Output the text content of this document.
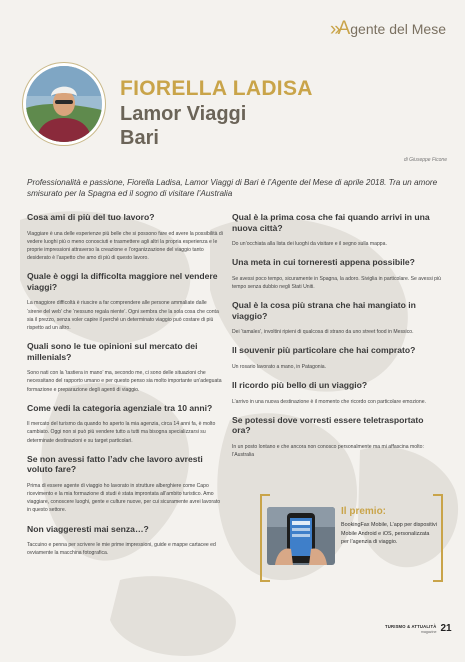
» Agente del Mese
FIORELLA LADISA
Lamor Viaggi
Bari
di Giuseppe Ficone
Professionalità e passione, Fiorella Ladisa, Lamor Viaggi di Bari è l’Agente del Mese di aprile 2018. Tra un amore smisurato per la Spagna ed il sogno di visitare l’Australia

Cosa ami di più del tuo lavoro?

Viaggiare è una delle esperienze più belle che si possono fare ed avere la possibilità di vedere luoghi più o meno conosciuti e trasmettere agli altri la propria esperienza e le proprie impressioni attraverso la creazione e l’organizzazione del viaggio tanto desiderato è l’aspetto che amo di più di questo lavoro.

Quale è oggi la difficolta maggiore nel vendere viaggi?

La maggiore difficoltà è riuscire a far comprendere alle persone ammaliate dalle ‘sirene del web’ che ‘nessuno regala niente’. Ogni sembra che la sola cosa che conta sia il prezzo, senza voler capire il perché un determinato viaggio può costare di più rispetto ad un altro.

Quali sono le tue opinioni sul mercato dei millenials?

Sono nati con la ‘tastiera in mano’ ma, secondo me, ci sono delle situazioni che necessitano del rapporto umano e per questo penso sia molto importante un’adeguata formazione e preparazione degli agenti di viaggio.

Come vedi la categoria agenziale tra 10 anni?

Il mercato del turismo da quando ho aperto la mia agenzia, circa 14 anni fa, è molto cambiato. Oggi non si può più vendere tutto a tutti ma bisogna specializzarsi su determinate destinazioni e su target particolari.

Se non avessi fatto l’adv che lavoro avresti voluto fare?

Prima di essere agente di viaggio ho lavorato in strutture alberghiere come Capo ricevimento e la mia formazione di studi è stata improntata all’ambito turistico. Amo viaggiare, conoscere luoghi, gente e culture nuove, per cui sicuramente avrei lavorato in questo settore.

Non viaggeresti mai senza…?

Taccuino e penna per scrivere le mie prime impressioni, guide e mappe cartacee ed ovviamente la macchina fotografica.

Qual è la prima cosa che fai quando arrivi in una nuova città?

Do un’occhiata alla lista dei luoghi da visitare e il segno sulla mappa.

Una meta in cui torneresti appena possibile?

Se avessi poco tempo, sicuramente in Spagna, la adoro. Siviglia in particolare. Se avessi più tempo senza dubbio negli Stati Uniti.

Qual è la cosa più strana che hai mangiato in viaggio?

Dei ‘tamales’, involtini ripieni di qualcosa di strano da uno street food in Messico.

Il souvenir più particolare che hai comprato?

Un rosario lavorato a mano, in Patagonia.

Il ricordo più bello di un viaggio?

L’arrivo in una nuova destinazione è il momento che ricordo con particolare emozione.

Se potessi dove vorresti essere teletrasportato ora?

In un posto lontano e che ancora non conosco personalmente ma mi affascina molto: l’Australia

Il premio:
BookingFax Mobile, L’app per dispositivi Mobile Android e iOS, personalizzata per l’agenzia di viaggio.
TURISMO & ATTUALITÀ
magazine 21
